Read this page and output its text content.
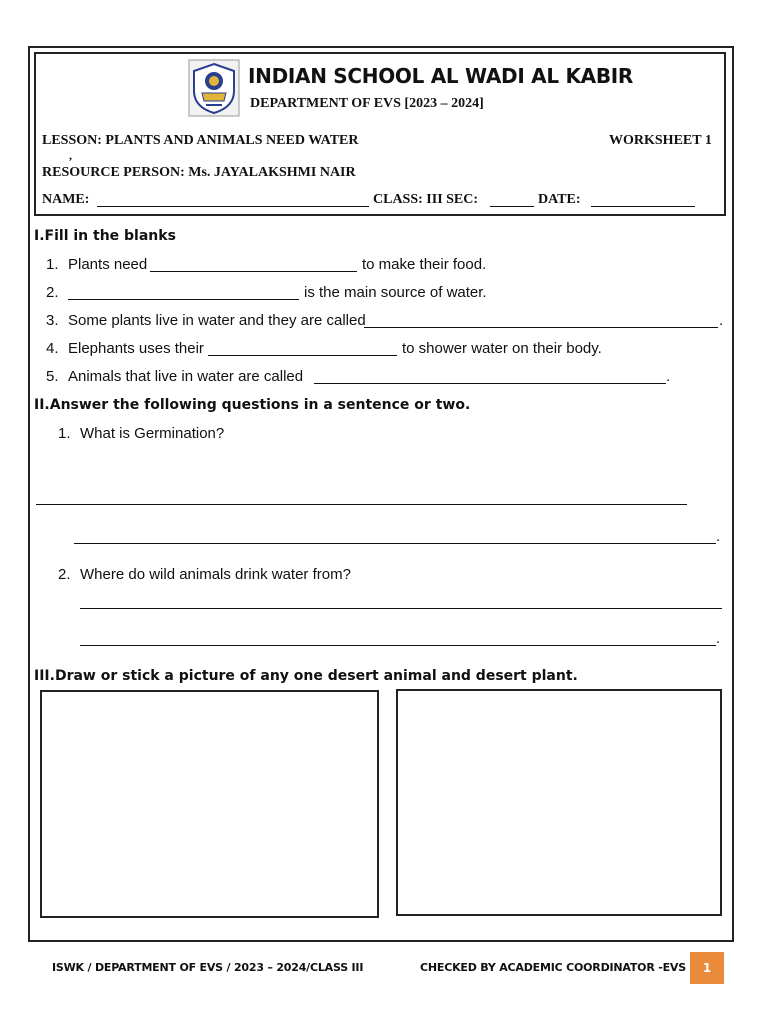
INDIAN SCHOOL AL WADI AL KABIR
DEPARTMENT OF EVS [2023 – 2024]
LESSON: PLANTS AND ANIMALS NEED WATER	WORKSHEET 1
,
RESOURCE PERSON: Ms. JAYALAKSHMI NAIR
NAME:	CLASS: III SEC:	DATE:
I.Fill in the blanks
1. Plants need	to make their food.
2.	is the main source of water.
3. Some plants live in water and they are called	.
4. Elephants uses their	to shower water on their body.
5. Animals that live in water are called	.
II.Answer the following questions in a sentence or two.
1. What is Germination?
.
2. Where do wild animals drink water from?
.
III.Draw or stick a picture of any one desert animal and desert plant.
ISWK / DEPARTMENT OF EVS / 2023 – 2024/CLASS III	CHECKED BY ACADEMIC COORDINATOR -EVS	1
